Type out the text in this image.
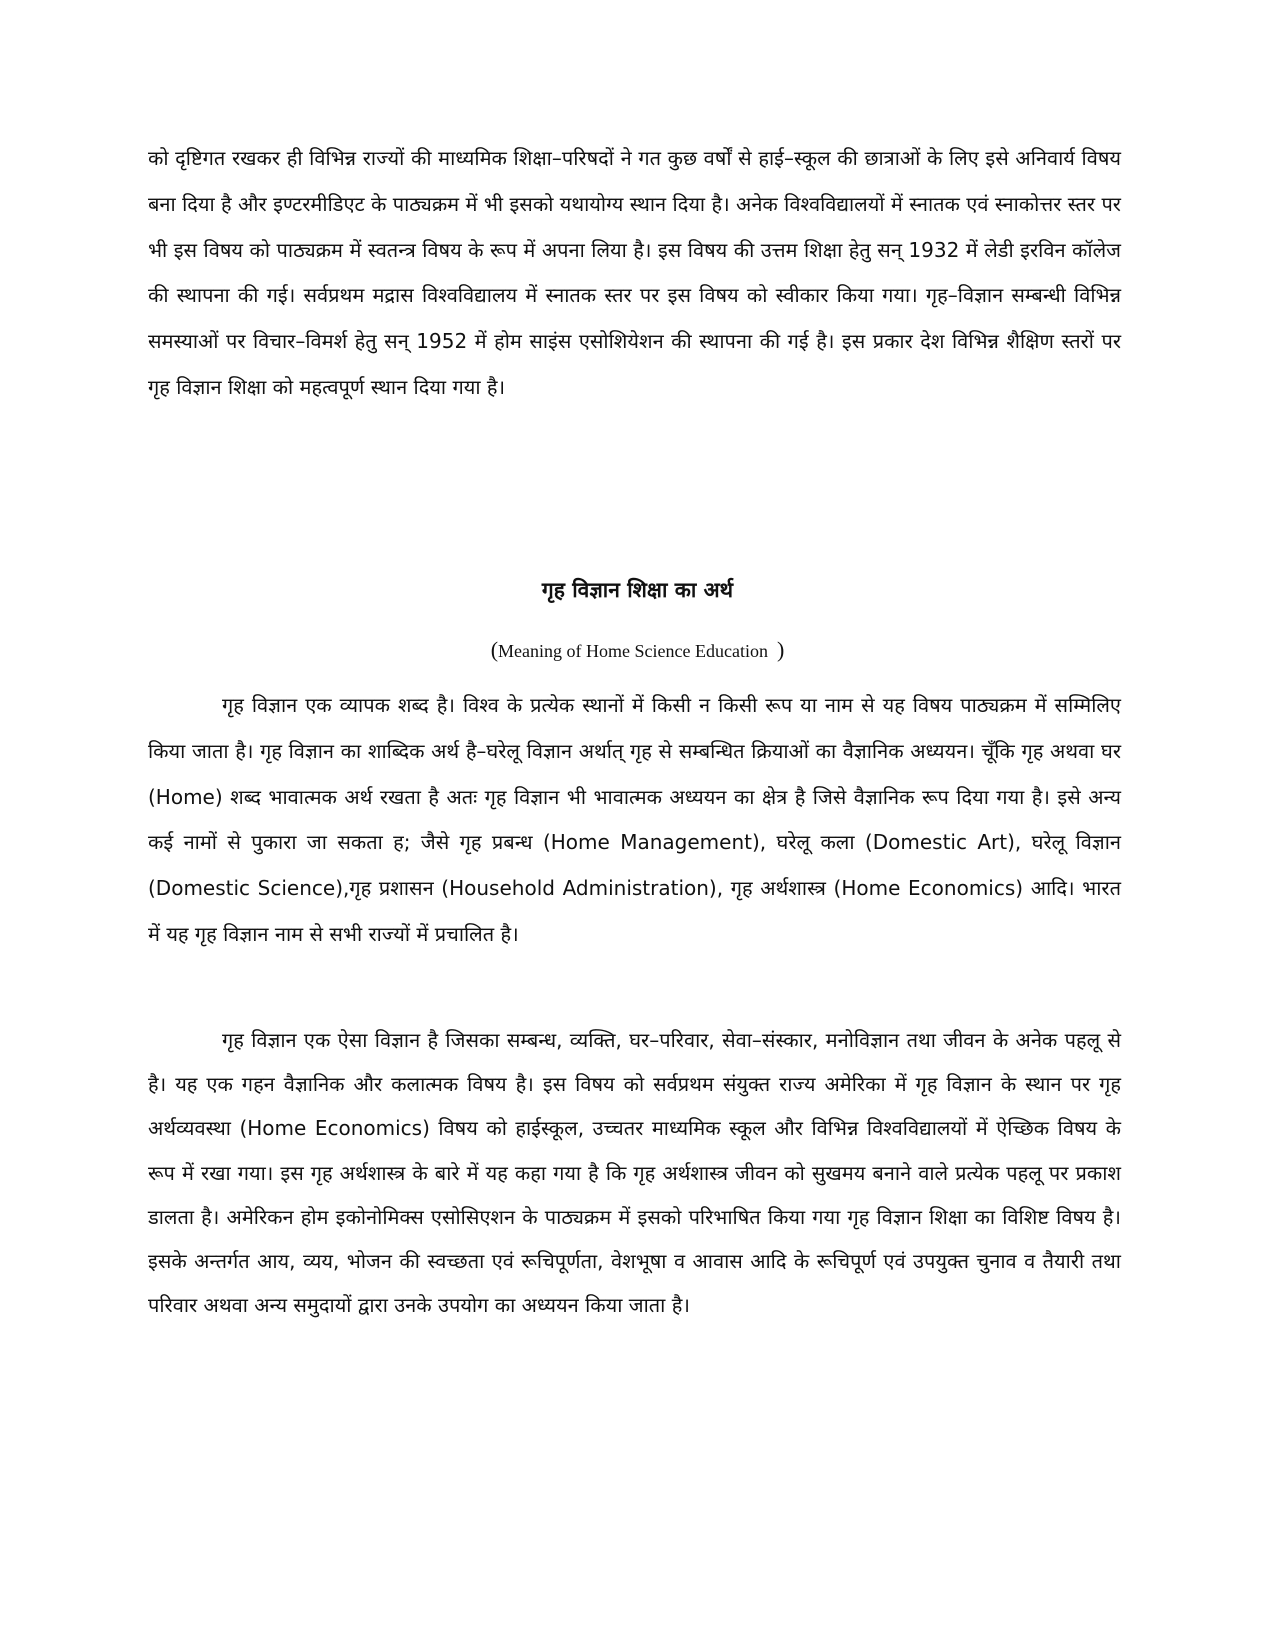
को दृष्टिगत रखकर ही विभिन्न राज्यों की माध्यमिक शिक्षा–परिषदों ने गत कुछ वर्षों से हाई–स्कूल की छात्राओं के लिए इसे अनिवार्य विषय बना दिया है और इण्टरमीडिएट के पाठ्यक्रम में भी इसको यथायोग्य स्थान दिया है। अनेक विश्वविद्यालयों में स्नातक एवं स्नाकोत्तर स्तर पर भी इस विषय को पाठ्यक्रम में स्वतन्त्र विषय के रूप में अपना लिया है। इस विषय की उत्तम शिक्षा हेतु सन् 1932 में लेडी इरविन कॉलेज की स्थापना की गई। सर्वप्रथम मद्रास विश्वविद्यालय में स्नातक स्तर पर इस विषय को स्वीकार किया गया। गृह–विज्ञान सम्बन्धी विभिन्न समस्याओं पर विचार–विमर्श हेतु सन् 1952 में होम साइंस एसोशियेशन की स्थापना की गई है। इस प्रकार देश विभिन्न शैक्षिण स्तरों पर गृह विज्ञान शिक्षा को महत्वपूर्ण स्थान दिया गया है।

गृह विज्ञान शिक्षा का अर्थ

(Meaning of Home Science Education )

गृह विज्ञान एक व्यापक शब्द है। विश्व के प्रत्येक स्थानों में किसी न किसी रूप या नाम से यह विषय पाठ्यक्रम में सम्मिलिए किया जाता है। गृह विज्ञान का शाब्दिक अर्थ है–घरेलू विज्ञान अर्थात् गृह से सम्बन्धित क्रियाओं का वैज्ञानिक अध्ययन। चूँकि गृह अथवा घर (Home) शब्द भावात्मक अर्थ रखता है अतः गृह विज्ञान भी भावात्मक अध्ययन का क्षेत्र है जिसे वैज्ञानिक रूप दिया गया है। इसे अन्य कई नामों से पुकारा जा सकता ह; जैसे गृह प्रबन्ध (Home Management), घरेलू कला (Domestic Art), घरेलू विज्ञान (Domestic Science),गृह प्रशासन (Household Administration), गृह अर्थशास्त्र (Home Economics) आदि। भारत में यह गृह विज्ञान नाम से सभी राज्यों में प्रचालित है।

गृह विज्ञान एक ऐसा विज्ञान है जिसका सम्बन्ध, व्यक्ति, घर–परिवार, सेवा–संस्कार, मनोविज्ञान तथा जीवन के अनेक पहलू से है। यह एक गहन वैज्ञानिक और कलात्मक विषय है। इस विषय को सर्वप्रथम संयुक्त राज्य अमेरिका में गृह विज्ञान के स्थान पर गृह अर्थव्यवस्था (Home Economics) विषय को हाईस्कूल, उच्चतर माध्यमिक स्कूल और विभिन्न विश्वविद्यालयों में ऐच्छिक विषय के रूप में रखा गया। इस गृह अर्थशास्त्र के बारे में यह कहा गया है कि गृह अर्थशास्त्र जीवन को सुखमय बनाने वाले प्रत्येक पहलू पर प्रकाश डालता है। अमेरिकन होम इकोनोमिक्स एसोसिएशन के पाठ्यक्रम में इसको परिभाषित किया गया गृह विज्ञान शिक्षा का विशिष्ट विषय है। इसके अन्तर्गत आय, व्यय, भोजन की स्वच्छता एवं रूचिपूर्णता, वेशभूषा व आवास आदि के रूचिपूर्ण एवं उपयुक्त चुनाव व तैयारी तथा परिवार अथवा अन्य समुदायों द्वारा उनके उपयोग का अध्ययन किया जाता है।
